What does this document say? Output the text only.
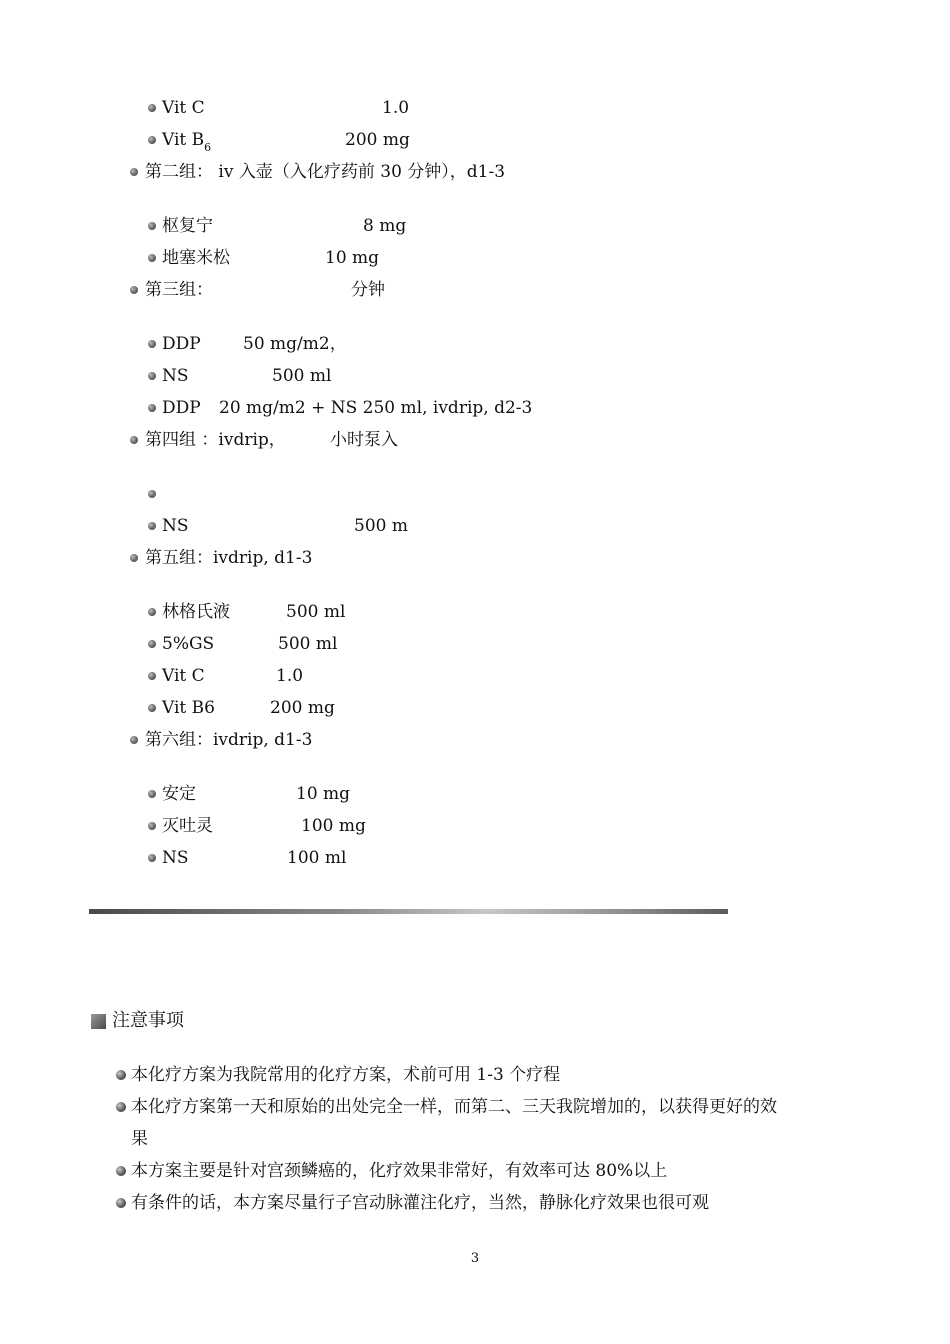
Vit C	1.0
Vit $B_6$	200 mg
第二组： iv 入壶（入化疗药前 30 分钟），d1-3
枢复宁	8 mg
地塞米松	10 mg
第三组：	分钟
DDP 50 mg/m2，
NS	500 ml
DDP 20 mg/m2 + NS 250 ml, ivdrip, d2-3
第四组 ：ivdrip，	小时泵入
NS	500 m
第五组：ivdrip, d1-3
林格氏液	500 ml
5%GS	500 ml
Vit C	1.0
Vit B6	200 mg
第六组：ivdrip, d1-3
安定	10 mg
灭吐灵	100 mg
NS	100 ml
注意事项
本化疗方案为我院常用的化疗方案，术前可用 1-3 个疗程
本化疗方案第一天和原始的出处完全一样，而第二、三天我院增加的，以获得更好的效
果
本方案主要是针对宫颈鳞癌的，化疗效果非常好，有效率可达 80%以上
有条件的话，本方案尽量行子宫动脉灌注化疗，当然，静脉化疗效果也很可观
3
